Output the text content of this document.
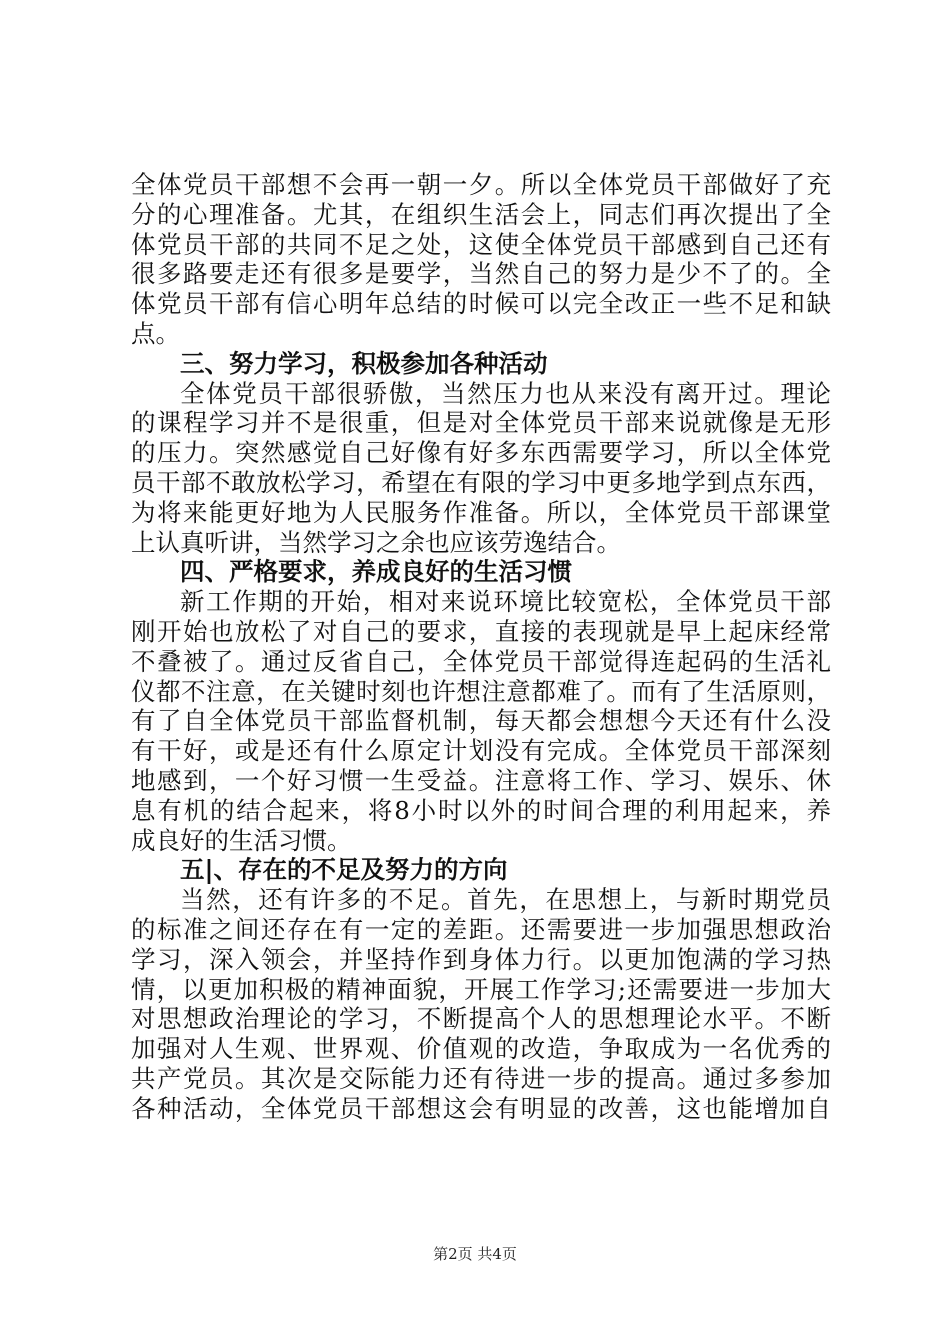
全体党员干部想不会再一朝一夕。所以全体党员干部做好了充
分的心理准备。尤其，在组织生活会上，同志们再次提出了全
体党员干部的共同不足之处，这使全体党员干部感到自己还有
很多路要走还有很多是要学，当然自己的努力是少不了的。全
体党员干部有信心明年总结的时候可以完全改正一些不足和缺
点。
三、努力学习，积极参加各种活动
全体党员干部很骄傲，当然压力也从来没有离开过。理论
的课程学习并不是很重，但是对全体党员干部来说就像是无形
的压力。突然感觉自己好像有好多东西需要学习，所以全体党
员干部不敢放松学习，希望在有限的学习中更多地学到点东西，
为将来能更好地为人民服务作准备。所以，全体党员干部课堂
上认真听讲，当然学习之余也应该劳逸结合。
四、严格要求，养成良好的生活习惯
新工作期的开始，相对来说环境比较宽松，全体党员干部
刚开始也放松了对自己的要求，直接的表现就是早上起床经常
不叠被了。通过反省自己，全体党员干部觉得连起码的生活礼
仪都不注意，在关键时刻也许想注意都难了。而有了生活原则，
有了自全体党员干部监督机制，每天都会想想今天还有什么没
有干好，或是还有什么原定计划没有完成。全体党员干部深刻
地感到，一个好习惯一生受益。注意将工作、学习、娱乐、休
息有机的结合起来，将8小时以外的时间合理的利用起来，养
成良好的生活习惯。
五|、存在的不足及努力的方向
当然，还有许多的不足。首先，在思想上，与新时期党员
的标准之间还存在有一定的差距。还需要进一步加强思想政治
学习，深入领会，并坚持作到身体力行。以更加饱满的学习热
情，以更加积极的精神面貌，开展工作学习;还需要进一步加大
对思想政治理论的学习，不断提高个人的思想理论水平。不断
加强对人生观、世界观、价值观的改造，争取成为一名优秀的
共产党员。其次是交际能力还有待进一步的提高。通过多参加
各种活动，全体党员干部想这会有明显的改善，这也能增加自
第2页 共4页
